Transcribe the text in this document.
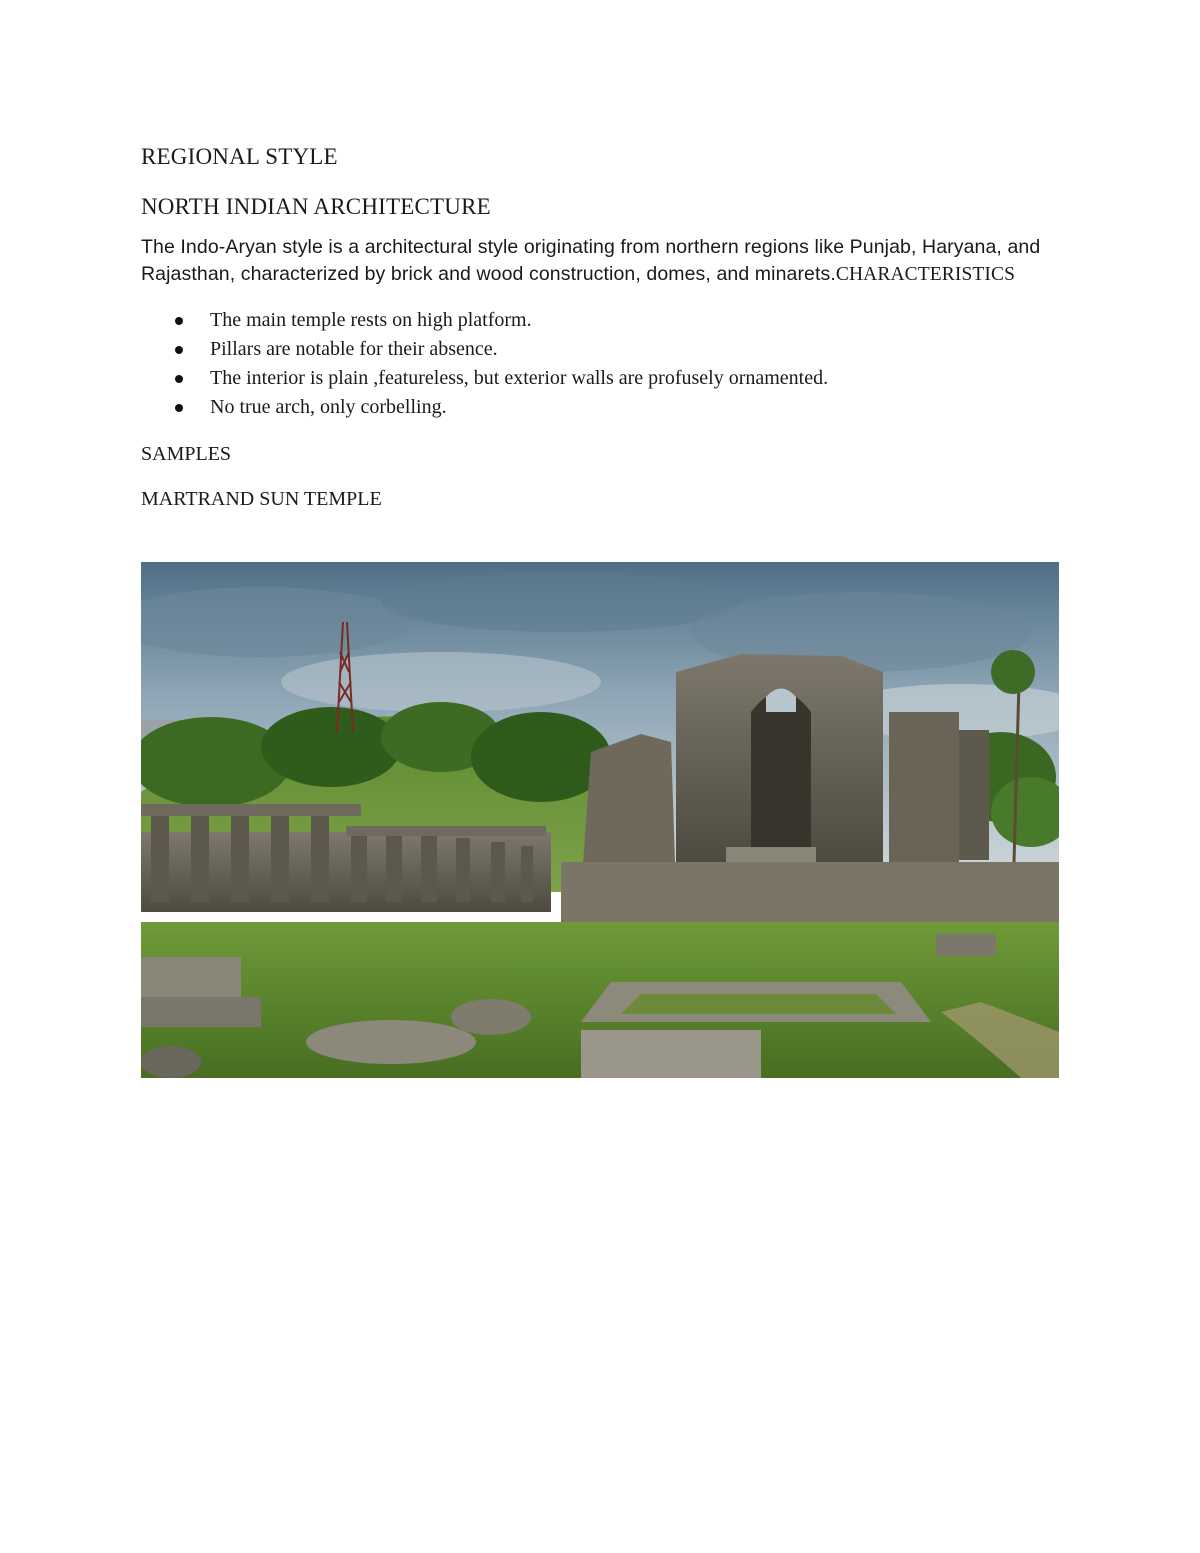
REGIONAL STYLE
NORTH INDIAN ARCHITECTURE

The Indo-Aryan style is a architectural style originating from northern regions like Punjab, Haryana, and Rajasthan, characterized by brick and wood construction, domes, and minarets.CHARACTERISTICS

The main temple rests on high platform.
Pillars are notable for their absence.
The interior is plain ,featureless, but exterior walls are profusely ornamented.
No true arch, only corbelling.

SAMPLES

MARTRAND SUN TEMPLE
